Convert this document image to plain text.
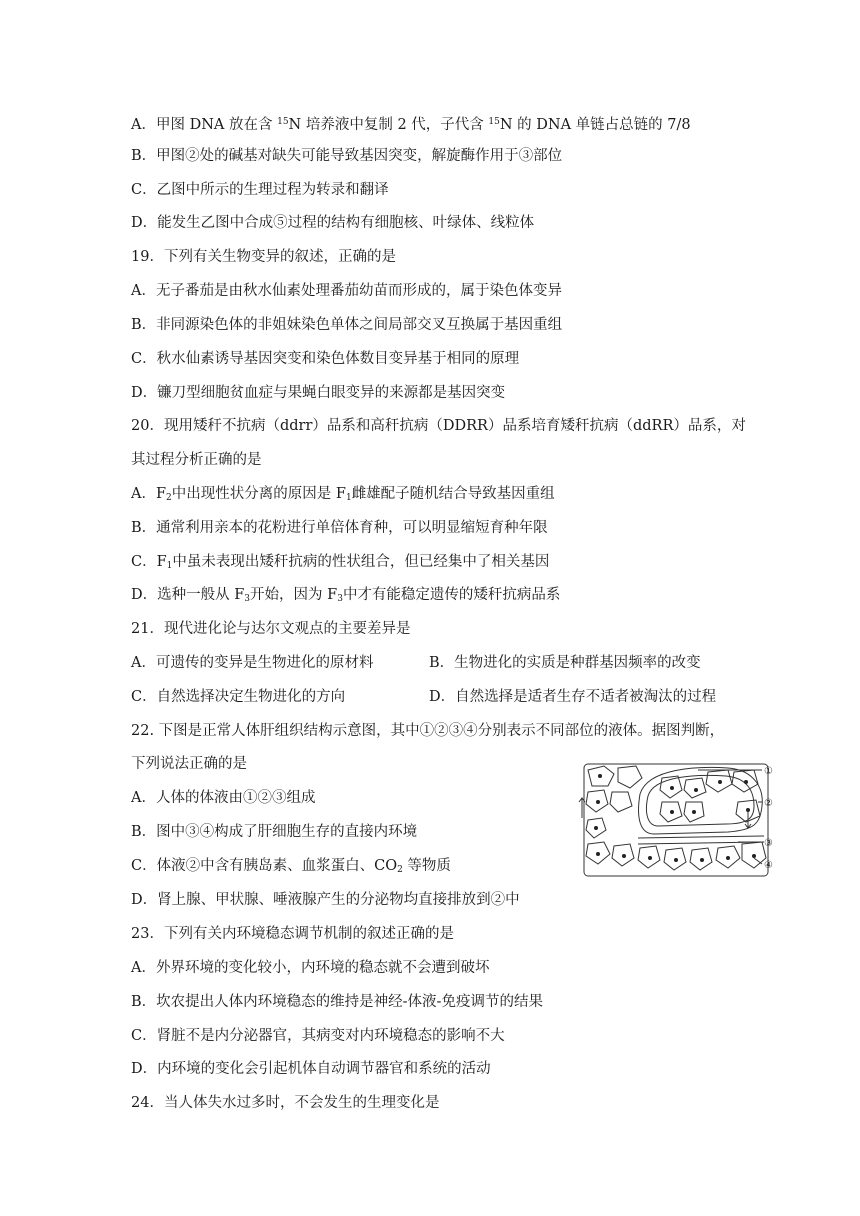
A．甲图 DNA 放在含 $^{15}$N 培养液中复制 2 代，子代含 $^{15}$N 的 DNA 单链占总链的 7/8
B．甲图②处的碱基对缺失可能导致基因突变，解旋酶作用于③部位
C．乙图中所示的生理过程为转录和翻译
D．能发生乙图中合成⑤过程的结构有细胞核、叶绿体、线粒体
19．下列有关生物变异的叙述，正确的是
A．无子番茄是由秋水仙素处理番茄幼苗而形成的，属于染色体变异
B．非同源染色体的非姐妹染色单体之间局部交叉互换属于基因重组
C．秋水仙素诱导基因突变和染色体数目变异基于相同的原理
D．镰刀型细胞贫血症与果蝇白眼变异的来源都是基因突变
20．现用矮秆不抗病（ddrr）品系和高秆抗病（DDRR）品系培育矮秆抗病（ddRR）品系，对
其过程分析正确的是
A．$F_2$中出现性状分离的原因是 $F_1$雌雄配子随机结合导致基因重组
B．通常利用亲本的花粉进行单倍体育种，可以明显缩短育种年限
C．$F_1$中虽未表现出矮秆抗病的性状组合，但已经集中了相关基因
D．选种一般从 $F_3$开始，因为 $F_3$中才有能稳定遗传的矮秆抗病品系
21．现代进化论与达尔文观点的主要差异是
A．可遗传的变异是生物进化的原材料	B．生物进化的实质是种群基因频率的改变
C．自然选择决定生物进化的方向	D．自然选择是适者生存不适者被淘汰的过程
22. 下图是正常人体肝组织结构示意图，其中①②③④分别表示不同部位的液体。据图判断，
下列说法正确的是
A．人体的体液由①②③组成
B．图中③④构成了肝细胞生存的直接内环境
C．体液②中含有胰岛素、血浆蛋白、$CO_2$ 等物质
D．肾上腺、甲状腺、唾液腺产生的分泌物均直接排放到②中
①
②
③
④
23．下列有关内环境稳态调节机制的叙述正确的是
A．外界环境的变化较小，内环境的稳态就不会遭到破坏
B．坎农提出人体内环境稳态的维持是神经-体液-免疫调节的结果
C．肾脏不是内分泌器官，其病变对内环境稳态的影响不大
D．内环境的变化会引起机体自动调节器官和系统的活动
24．当人体失水过多时，不会发生的生理变化是
